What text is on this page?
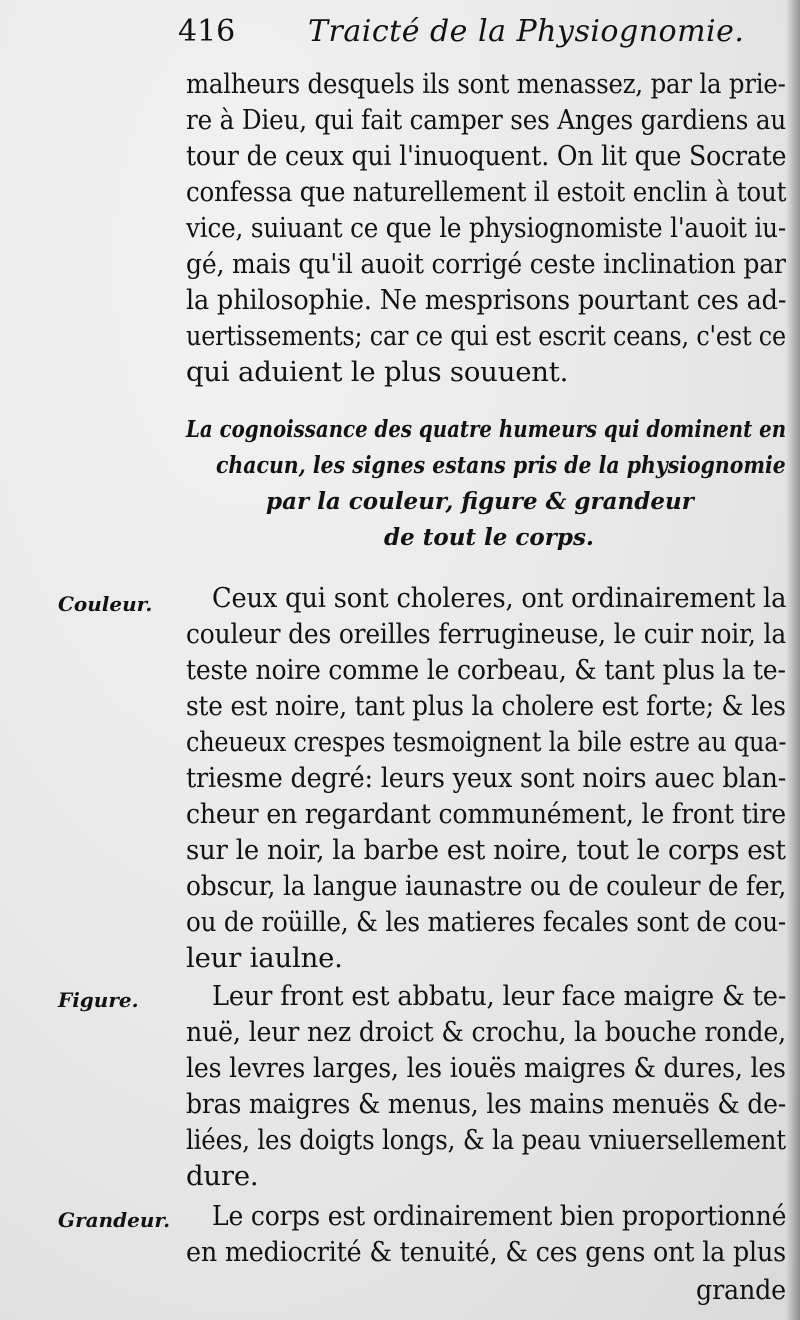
416 Traicté de la Physiognomie.
malheurs desquels ils sont menassez, par la prie-
re à Dieu, qui fait camper ses Anges gardiens au
tour de ceux qui l'inuoquent. On lit que Socrate
confessa que naturellement il estoit enclin à tout
vice, suiuant ce que le physiognomiste l'auoit iu-
gé, mais qu'il auoit corrigé ceste inclination par
la philosophie. Ne mesprisons pourtant ces ad-
uertissements; car ce qui est escrit ceans, c'est ce
qui aduient le plus souuent.
La cognoissance des quatre humeurs qui dominent en
chacun, les signes estans pris de la physiognomie
par la couleur, figure & grandeur
de tout le corps.
Couleur.
Figure.
Grandeur.
Ceux qui sont choleres, ont ordinairement la
couleur des oreilles ferrugineuse, le cuir noir, la
teste noire comme le corbeau, & tant plus la te-
ste est noire, tant plus la cholere est forte; & les
cheueux crespes tesmoignent la bile estre au qua-
triesme degré: leurs yeux sont noirs auec blan-
cheur en regardant communément, le front tire
sur le noir, la barbe est noire, tout le corps est
obscur, la langue iaunastre ou de couleur de fer,
ou de roüille, & les matieres fecales sont de cou-
leur iaulne.
Leur front est abbatu, leur face maigre & te-
nuë, leur nez droict & crochu, la bouche ronde,
les levres larges, les iouës maigres & dures, les
bras maigres & menus, les mains menuës & de-
liées, les doigts longs, & la peau vniuersellement
dure.
Le corps est ordinairement bien proportionné
en mediocrité & tenuité, & ces gens ont la plus
grande
